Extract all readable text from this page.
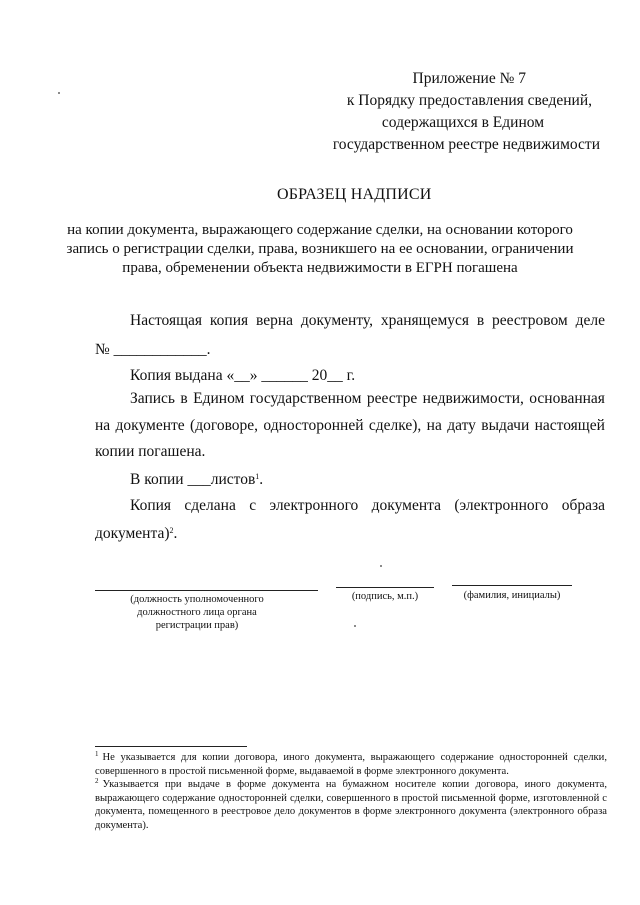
Приложение № 7
к Порядку предоставления сведений,
содержащихся в Едином
государственном реестре недвижимости
ОБРАЗЕЦ НАДПИСИ
на копии документа, выражающего содержание сделки, на основании которого запись о регистрации сделки, права, возникшего на ее основании, ограничении права, обременении объекта недвижимости в ЕГРН погашена
Настоящая копия верна документу, хранящемуся в реестровом деле
№ ____________.
Копия выдана «__» ______ 20__ г.
Запись в Едином государственном реестре недвижимости, основанная
на документе (договоре, односторонней сделке), на дату выдачи настоящей
копии погашена.
В копии ___листов$^1$.
Копия сделана с электронного документа (электронного образа
документа)$^2$.
(должность уполномоченного должностного лица органа регистрации прав)
(подпись, м.п.)	(фамилия, инициалы)
$^1$ Не указывается для копии договора, иного документа, выражающего содержание односторонней сделки, совершенного в простой письменной форме, выдаваемой в форме электронного документа.
$^2$ Указывается при выдаче в форме документа на бумажном носителе копии договора, иного документа, выражающего содержание односторонней сделки, совершенного в простой письменной форме, изготовленной с документа, помещенного в реестровое дело документов в форме электронного документа (электронного образа документа).
